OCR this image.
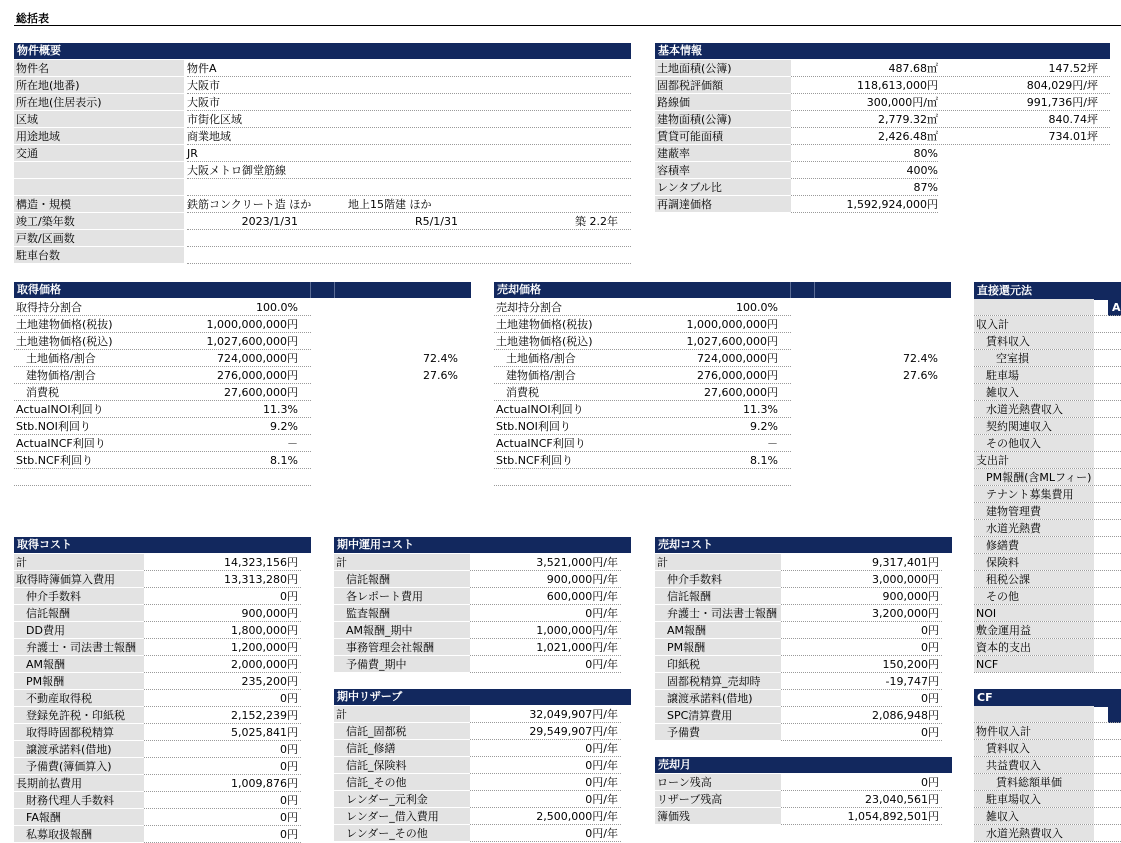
総括表
物件概要
物件名	物件A
所在地(地番)	大阪市
所在地(住居表示)	大阪市
区域	市街化区域
用途地域	商業地域
交通	JR
大阪メトロ御堂筋線
構造・規模	鉄筋コンクリート造 ほか	地上15階建 ほか
竣工/築年数	2023/1/31	R5/1/31	築 2.2年
戸数/区画数
駐車台数
基本情報
土地面積(公簿)	487.68㎡	147.52坪
固都税評価額	118,613,000円	804,029円/坪
路線価	300,000円/㎡	991,736円/坪
建物面積(公簿)	2,779.32㎡	840.74坪
賃貸可能面積	2,426.48㎡	734.01坪
建蔽率	80%
容積率	400%
レンタブル比	87%
再調達価格	1,592,924,000円
取得価格
取得持分割合	100.0%
土地建物価格(税抜)	1,000,000,000円
土地建物価格(税込)	1,027,600,000円
土地価格/割合	724,000,000円	72.4%
建物価格/割合	276,000,000円	27.6%
消費税	27,600,000円
ActualNOI利回り	11.3%
Stb.NOI利回り	9.2%
ActualNCF利回り	－
Stb.NCF利回り	8.1%
売却価格
売却持分割合	100.0%
土地建物価格(税抜)	1,000,000,000円
土地建物価格(税込)	1,027,600,000円
土地価格/割合	724,000,000円	72.4%
建物価格/割合	276,000,000円	27.6%
消費税	27,600,000円
ActualNOI利回り	11.3%
Stb.NOI利回り	9.2%
ActualNCF利回り	－
Stb.NCF利回り	8.1%
直接還元法
A
収入計
賃料収入
空室損
駐車場
雑収入
水道光熱費収入
契約関連収入
その他収入
支出計
PM報酬(含MLフィー)
テナント募集費用
建物管理費
水道光熱費
修繕費
保険料
租税公課
その他
NOI
敷金運用益
資本的支出
NCF
取得コスト
計	14,323,156円
取得時簿価算入費用	13,313,280円
仲介手数料	0円
信託報酬	900,000円
DD費用	1,800,000円
弁護士・司法書士報酬	1,200,000円
AM報酬	2,000,000円
PM報酬	235,200円
不動産取得税	0円
登録免許税・印紙税	2,152,239円
取得時固都税精算	5,025,841円
譲渡承諾料(借地)	0円
予備費(簿価算入)	0円
長期前払費用	1,009,876円
財務代理人手数料	0円
FA報酬	0円
私募取扱報酬	0円
期中運用コスト
計	3,521,000円/年
信託報酬	900,000円/年
各レポート費用	600,000円/年
監査報酬	0円/年
AM報酬_期中	1,000,000円/年
事務管理会社報酬	1,021,000円/年
予備費_期中	0円/年
期中リザーブ
計	32,049,907円/年
信託_固都税	29,549,907円/年
信託_修繕	0円/年
信託_保険料	0円/年
信託_その他	0円/年
レンダー_元利金	0円/年
レンダー_借入費用	2,500,000円/年
レンダー_その他	0円/年
売却コスト
計	9,317,401円
仲介手数料	3,000,000円
信託報酬	900,000円
弁護士・司法書士報酬	3,200,000円
AM報酬	0円
PM報酬	0円
印紙税	150,200円
固都税精算_売却時	-19,747円
譲渡承諾料(借地)	0円
SPC清算費用	2,086,948円
予備費	0円
売却月
ローン残高	0円
リザーブ残高	23,040,561円
簿価残	1,054,892,501円
CF
物件収入計
賃料収入
共益費収入
賃料総額単価
駐車場収入
雑収入
水道光熱費収入
